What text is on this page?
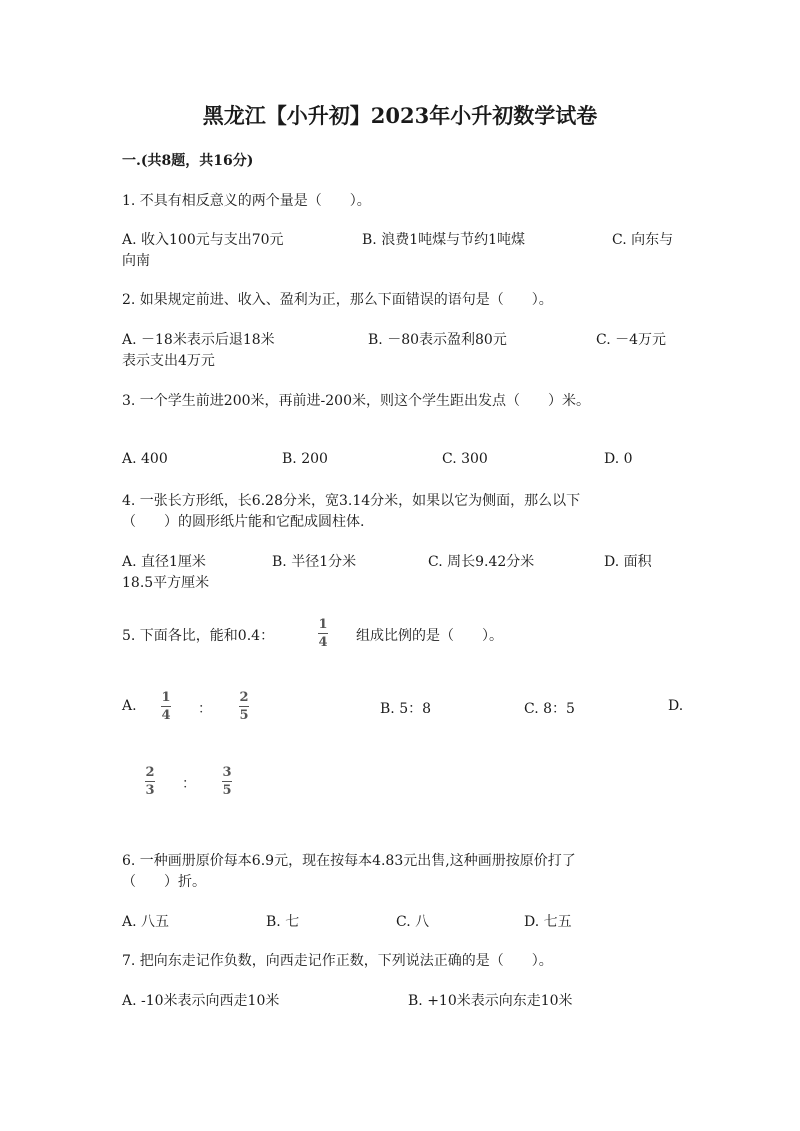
黑龙江【小升初】2023年小升初数学试卷
一.(共8题，共16分)
1. 不具有相反意义的两个量是（　　）。
A. 收入100元与支出70元	B. 浪费1吨煤与节约1吨煤	C. 向东与
向南
2. 如果规定前进、收入、盈利为正，那么下面错误的语句是（　　）。
A. －18米表示后退18米	B. －80表示盈利80元	C. －4万元
表示支出4万元
3. 一个学生前进200米，再前进-200米，则这个学生距出发点（　　）米。
A. 400	B. 200	C. 300	D. 0
4. 一张长方形纸，长6.28分米，宽3.14分米，如果以它为侧面，那么以下
（　　）的圆形纸片能和它配成圆柱体.
A. 直径1厘米	B. 半径1分米	C. 周长9.42分米	D. 面积
18.5平方厘米
5. 下面各比，能和0.4：
1
4 组成比例的是（　　）。
A.
1
4 ：
2
5	B. 5：8	C. 8：5	D.
2
3 ：
3
5
6. 一种画册原价每本6.9元，现在按每本4.83元出售,这种画册按原价打了
（　　）折。
A. 八五	B. 七	C. 八	D. 七五
7. 把向东走记作负数，向西走记作正数，下列说法正确的是（　　）。
A. -10米表示向西走10米	B. +10米表示向东走10米
